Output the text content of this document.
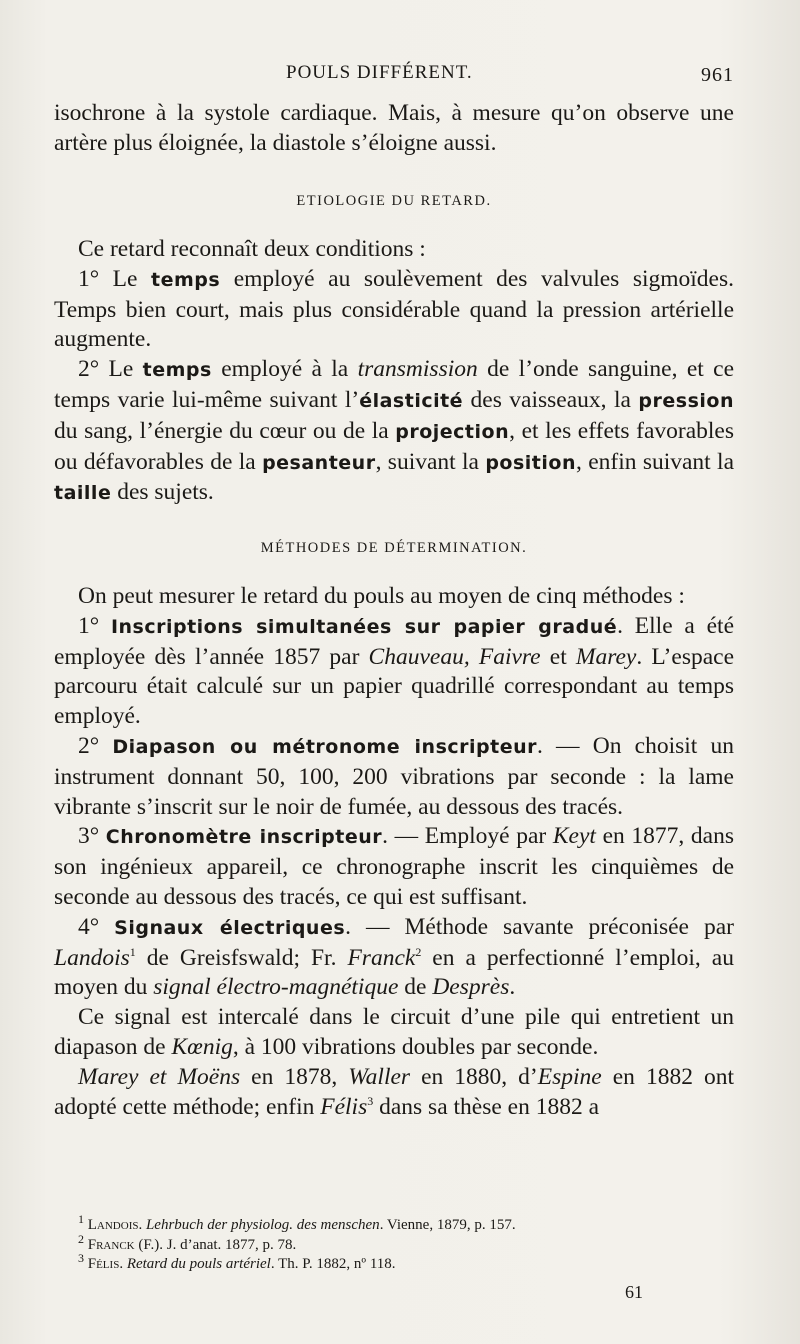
POULS DIFFÉRENT.	961

isochrone à la systole cardiaque. Mais, à mesure qu’on observe une artère plus éloignée, la diastole s’éloigne aussi.

ETIOLOGIE DU RETARD.

Ce retard reconnaît deux conditions :

1° Le temps employé au soulèvement des valvules sigmoïdes. Temps bien court, mais plus considérable quand la pression artérielle augmente.

2° Le temps employé à la transmission de l’onde sanguine, et ce temps varie lui-même suivant l’élasticité des vaisseaux, la pression du sang, l’énergie du cœur ou de la projection, et les effets favorables ou défavorables de la pesanteur, suivant la position, enfin suivant la taille des sujets.

MÉTHODES DE DÉTERMINATION.

On peut mesurer le retard du pouls au moyen de cinq méthodes :

1° Inscriptions simultanées sur papier gradué. Elle a été employée dès l’année 1857 par Chauveau, Faivre et Marey. L’espace parcouru était calculé sur un papier quadrillé correspondant au temps employé.

2° Diapason ou métronome inscripteur. — On choisit un instrument donnant 50, 100, 200 vibrations par seconde : la lame vibrante s’inscrit sur le noir de fumée, au dessous des tracés.

3° Chronomètre inscripteur. — Employé par Keyt en 1877, dans son ingénieux appareil, ce chronographe inscrit les cinquièmes de seconde au dessous des tracés, ce qui est suffisant.

4° Signaux électriques. — Méthode savante préconisée par Landois$^1$ de Greisfswald; Fr. Franck$^2$ en a perfectionné l’emploi, au moyen du signal électro-magnétique de Desprès.

Ce signal est intercalé dans le circuit d’une pile qui entretient un diapason de Kœnig, à 100 vibrations doubles par seconde.

Marey et Moëns en 1878, Waller en 1880, d’Espine en 1882 ont adopté cette méthode; enfin Félis$^3$ dans sa thèse en 1882 a

$^1$ Landois. Lehrbuch der physiolog. des menschen. Vienne, 1879, p. 157.

$^2$ Franck (F.). J. d’anat. 1877, p. 78.

$^3$ Félis. Retard du pouls artériel. Th. P. 1882, nº 118.

61
